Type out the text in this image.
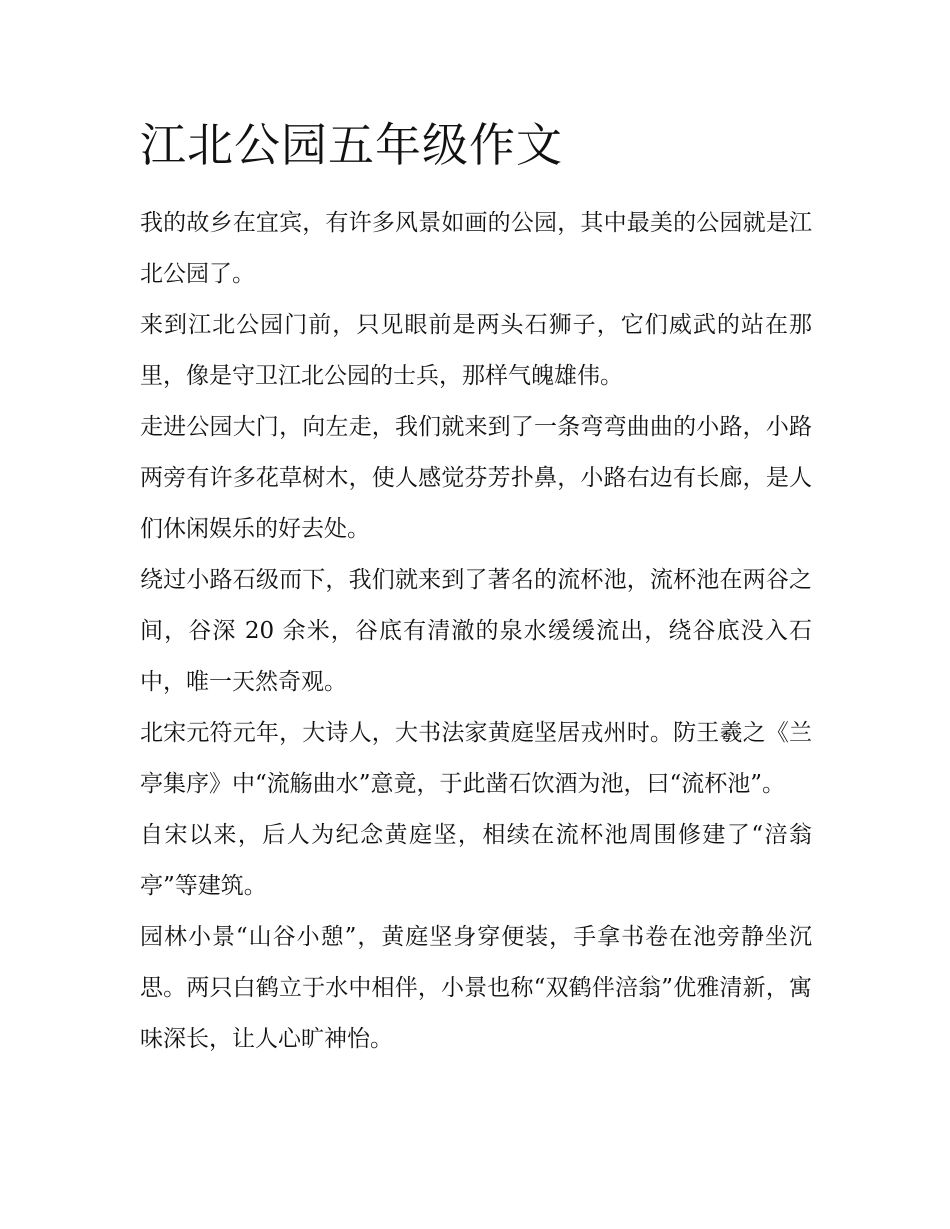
江北公园五年级作文

我的故乡在宜宾，有许多风景如画的公园，其中最美的公园就是江北公园了。

来到江北公园门前，只见眼前是两头石狮子，它们威武的站在那里，像是守卫江北公园的士兵，那样气魄雄伟。

走进公园大门，向左走，我们就来到了一条弯弯曲曲的小路，小路两旁有许多花草树木，使人感觉芬芳扑鼻，小路右边有长廊，是人们休闲娱乐的好去处。

绕过小路石级而下，我们就来到了著名的流杯池，流杯池在两谷之间，谷深 20 余米，谷底有清澈的泉水缓缓流出，绕谷底没入石中，唯一天然奇观。

北宋元符元年，大诗人，大书法家黄庭坚居戎州时。防王羲之《兰亭集序》中“流觞曲水”意竟，于此凿石饮酒为池，曰“流杯池”。

自宋以来，后人为纪念黄庭坚，相续在流杯池周围修建了“涪翁亭”等建筑。

园林小景“山谷小憩”，黄庭坚身穿便装，手拿书卷在池旁静坐沉思。两只白鹤立于水中相伴，小景也称“双鹤伴涪翁”优雅清新，寓味深长，让人心旷神怡。
